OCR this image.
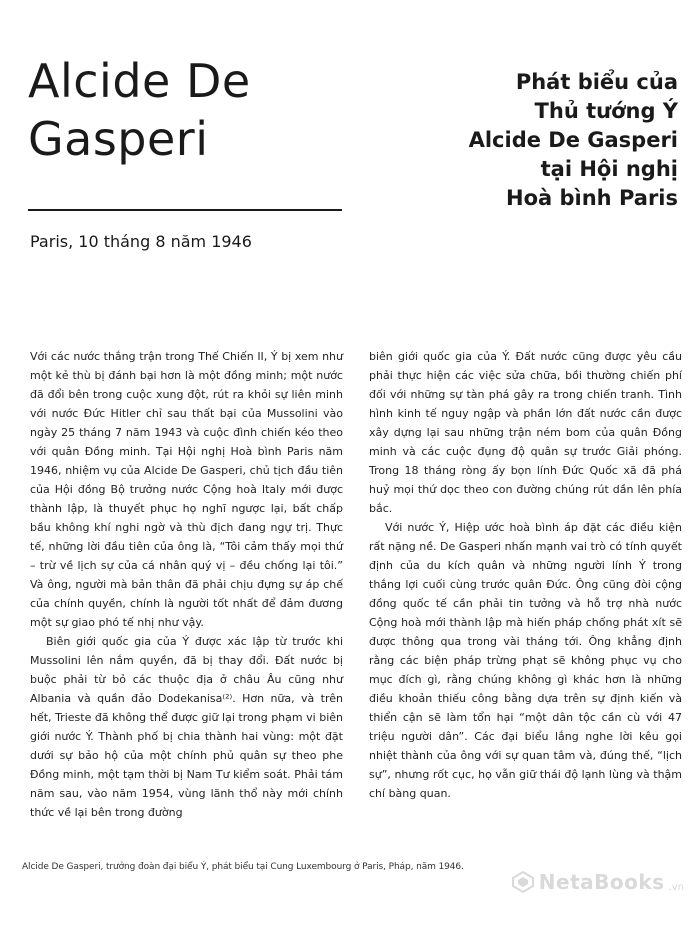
Alcide De
Gasperi
Paris, 10 tháng 8 năm 1946
Phát biểu của
Thủ tướng Ý
Alcide De Gasperi
tại Hội nghị
Hoà bình Paris

Với các nước thắng trận trong Thế Chiến II, Ý bị xem như một kẻ thù bị đánh bại hơn là một đồng minh; một nước đã đổi bên trong cuộc xung đột, rút ra khỏi sự liên minh với nước Đức Hitler chỉ sau thất bại của Mussolini vào ngày 25 tháng 7 năm 1943 và cuộc đình chiến kéo theo với quân Đồng minh. Tại Hội nghị Hoà bình Paris năm 1946, nhiệm vụ của Alcide De Gasperi, chủ tịch đầu tiên của Hội đồng Bộ trưởng nước Cộng hoà Italy mới được thành lập, là thuyết phục họ nghĩ ngược lại, bất chấp bầu không khí nghi ngờ và thù địch đang ngự trị. Thực tế, những lời đầu tiên của ông là, “Tôi cảm thấy mọi thứ – trừ về lịch sự của cá nhân quý vị – đều chống lại tôi.” Và ông, người mà bản thân đã phải chịu đựng sự áp chế của chính quyền, chính là người tốt nhất để đảm đương một sự giao phó tế nhị như vậy.

Biên giới quốc gia của Ý được xác lập từ trước khi Mussolini lên nắm quyền, đã bị thay đổi. Đất nước bị buộc phải từ bỏ các thuộc địa ở châu Âu cũng như Albania và quần đảo Dodekanisa⁽²⁾. Hơn nữa, và trên hết, Trieste đã không thể được giữ lại trong phạm vi biên giới nước Ý. Thành phố bị chia thành hai vùng: một đặt dưới sự bảo hộ của một chính phủ quân sự theo phe Đồng minh, một tạm thời bị Nam Tư kiểm soát. Phải tám năm sau, vào năm 1954, vùng lãnh thổ này mới chính thức về lại bên trong đường

biên giới quốc gia của Ý. Đất nước cũng được yêu cầu phải thực hiện các việc sửa chữa, bồi thường chiến phí đối với những sự tàn phá gây ra trong chiến tranh. Tình hình kinh tế nguy ngập và phần lớn đất nước cần được xây dựng lại sau những trận ném bom của quân Đồng minh và các cuộc đụng độ quân sự trước Giải phóng. Trong 18 tháng ròng ấy bọn lính Đức Quốc xã đã phá huỷ mọi thứ dọc theo con đường chúng rút dần lên phía bắc.

Với nước Ý, Hiệp ước hoà bình áp đặt các điều kiện rất nặng nề. De Gasperi nhấn mạnh vai trò có tính quyết định của du kích quân và những người lính Ý trong thắng lợi cuối cùng trước quân Đức. Ông cũng đòi cộng đồng quốc tế cần phải tin tưởng và hỗ trợ nhà nước Cộng hoà mới thành lập mà hiến pháp chống phát xít sẽ được thông qua trong vài tháng tới. Ông khẳng định rằng các biện pháp trừng phạt sẽ không phục vụ cho mục đích gì, rằng chúng không gì khác hơn là những điều khoản thiếu công bằng dựa trên sự định kiến và thiển cận sẽ làm tổn hại “một dân tộc cần cù với 47 triệu người dân”. Các đại biểu lắng nghe lời kêu gọi nhiệt thành của ông với sự quan tâm và, đúng thế, “lịch sự”, nhưng rốt cục, họ vẫn giữ thái độ lạnh lùng và thậm chí bàng quan.

Alcide De Gasperi, trưởng đoàn đại biểu Ý, phát biểu tại Cung Luxembourg ở Paris, Pháp, năm 1946.
NetaBooks .vn
